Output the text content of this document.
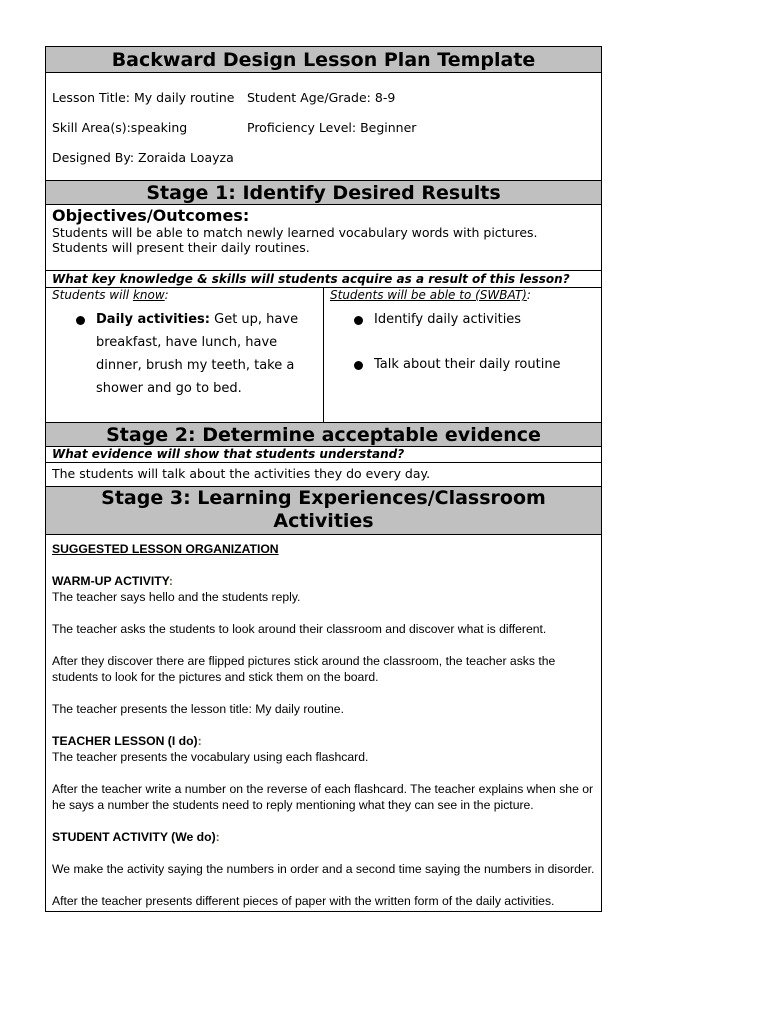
Backward Design Lesson Plan Template
Lesson Title: My daily routine Student Age/Grade: 8-9
Skill Area(s):speaking	Proficiency Level: Beginner
Designed By: Zoraida Loayza
Stage 1: Identify Desired Results
Objectives/Outcomes:
Students will be able to match newly learned vocabulary words with pictures.
Students will present their daily routines.
What key knowledge & skills will students acquire as a result of this lesson?
Students will know:
Daily activities: Get up, have breakfast, have lunch, have dinner, brush my teeth, take a shower and go to bed.
Students will be able to (SWBAT):
Identify daily activities
Talk about their daily routine
Stage 2: Determine acceptable evidence
What evidence will show that students understand?
The students will talk about the activities they do every day.
Stage 3: Learning Experiences/Classroom
Activities

SUGGESTED LESSON ORGANIZATION

WARM-UP ACTIVITY:

The teacher says hello and the students reply.

The teacher asks the students to look around their classroom and discover what is different.

After they discover there are flipped pictures stick around the classroom, the teacher asks the students to look for the pictures and stick them on the board.

The teacher presents the lesson title: My daily routine.

TEACHER LESSON (I do):

The teacher presents the vocabulary using each flashcard.

After the teacher write a number on the reverse of each flashcard. The teacher explains when she or he says a number the students need to reply mentioning what they can see in the picture.

STUDENT ACTIVITY (We do):

We make the activity saying the numbers in order and a second time saying the numbers in disorder.

After the teacher presents different pieces of paper with the written form of the daily activities.
